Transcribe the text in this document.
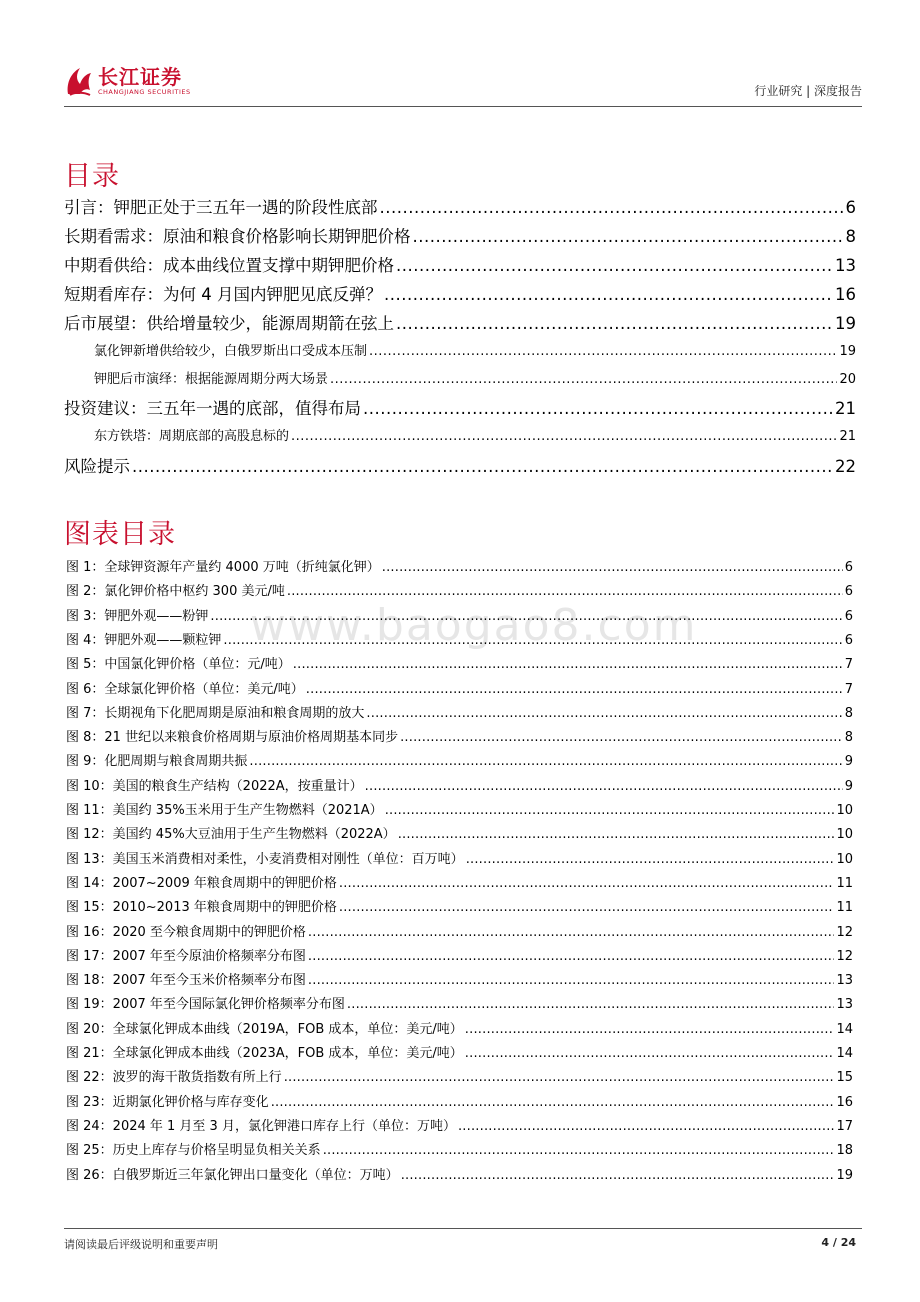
长江证券
CHANGJIANG SECURITIES	行业研究 | 深度报告
www.baogao8.com
目录
引言：钾肥正处于三五年一遇的阶段性底部 .....	6
长期看需求：原油和粮食价格影响长期钾肥价格 .....	8
中期看供给：成本曲线位置支撑中期钾肥价格 .....	13
短期看库存：为何 4 月国内钾肥见底反弹？ .....	16
后市展望：供给增量较少，能源周期箭在弦上 .....	19
氯化钾新增供给较少，白俄罗斯出口受成本压制 .....	19
钾肥后市演绎：根据能源周期分两大场景 .....	20
投资建议：三五年一遇的底部，值得布局 .....	21
东方铁塔：周期底部的高股息标的 .....	21
风险提示 .....	22
图表目录
图 1：全球钾资源年产量约 4000 万吨（折纯氯化钾） .....	6
图 2：氯化钾价格中枢约 300 美元/吨 .....	6
图 3：钾肥外观——粉钾 .....	6
图 4：钾肥外观——颗粒钾 .....	6
图 5：中国氯化钾价格（单位：元/吨） .....	7
图 6：全球氯化钾价格（单位：美元/吨） .....	7
图 7：长期视角下化肥周期是原油和粮食周期的放大 .....	8
图 8：21 世纪以来粮食价格周期与原油价格周期基本同步 .....	8
图 9：化肥周期与粮食周期共振 .....	9
图 10：美国的粮食生产结构（2022A，按重量计） .....	9
图 11：美国约 35%玉米用于生产生物燃料（2021A） .....	10
图 12：美国约 45%大豆油用于生产生物燃料（2022A） .....	10
图 13：美国玉米消费相对柔性，小麦消费相对刚性（单位：百万吨） .....	10
图 14：2007~2009 年粮食周期中的钾肥价格 .....	11
图 15：2010~2013 年粮食周期中的钾肥价格 .....	11
图 16：2020 至今粮食周期中的钾肥价格 .....	12
图 17：2007 年至今原油价格频率分布图 .....	12
图 18：2007 年至今玉米价格频率分布图 .....	13
图 19：2007 年至今国际氯化钾价格频率分布图 .....	13
图 20：全球氯化钾成本曲线（2019A，FOB 成本，单位：美元/吨） .....	14
图 21：全球氯化钾成本曲线（2023A，FOB 成本，单位：美元/吨） .....	14
图 22：波罗的海干散货指数有所上行 .....	15
图 23：近期氯化钾价格与库存变化 .....	16
图 24：2024 年 1 月至 3 月，氯化钾港口库存上行（单位：万吨） .....	17
图 25：历史上库存与价格呈明显负相关关系 .....	18
图 26：白俄罗斯近三年氯化钾出口量变化（单位：万吨） .....	19
请阅读最后评级说明和重要声明	4 / 24
